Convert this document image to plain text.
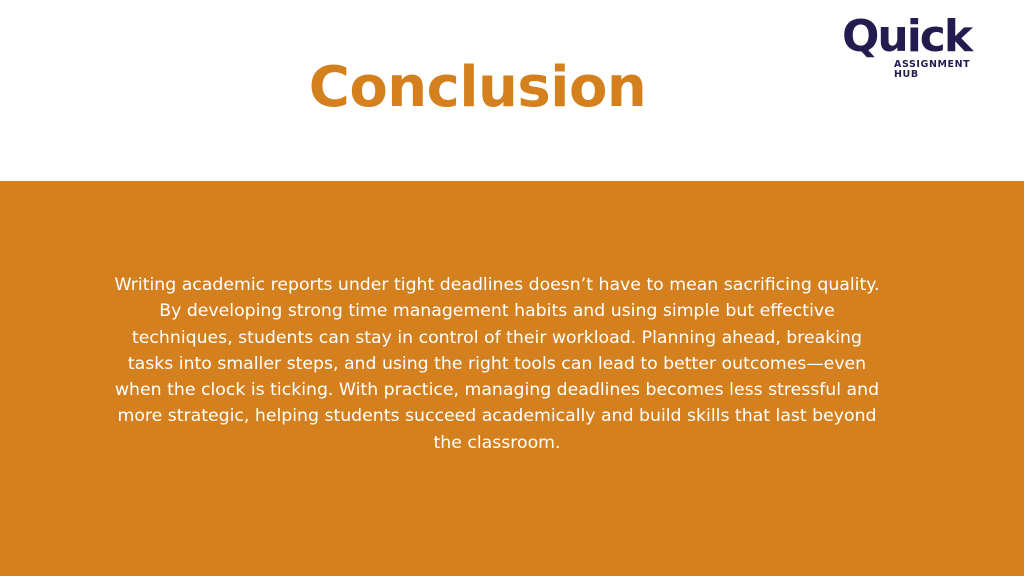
Conclusion
Quick
ASSIGNMENT
HUB

Writing academic reports under tight deadlines doesn’t have to mean sacrificing quality. By developing strong time management habits and using simple but effective techniques, students can stay in control of their workload. Planning ahead, breaking tasks into smaller steps, and using the right tools can lead to better outcomes—even when the clock is ticking. With practice, managing deadlines becomes less stressful and more strategic, helping students succeed academically and build skills that last beyond the classroom.
